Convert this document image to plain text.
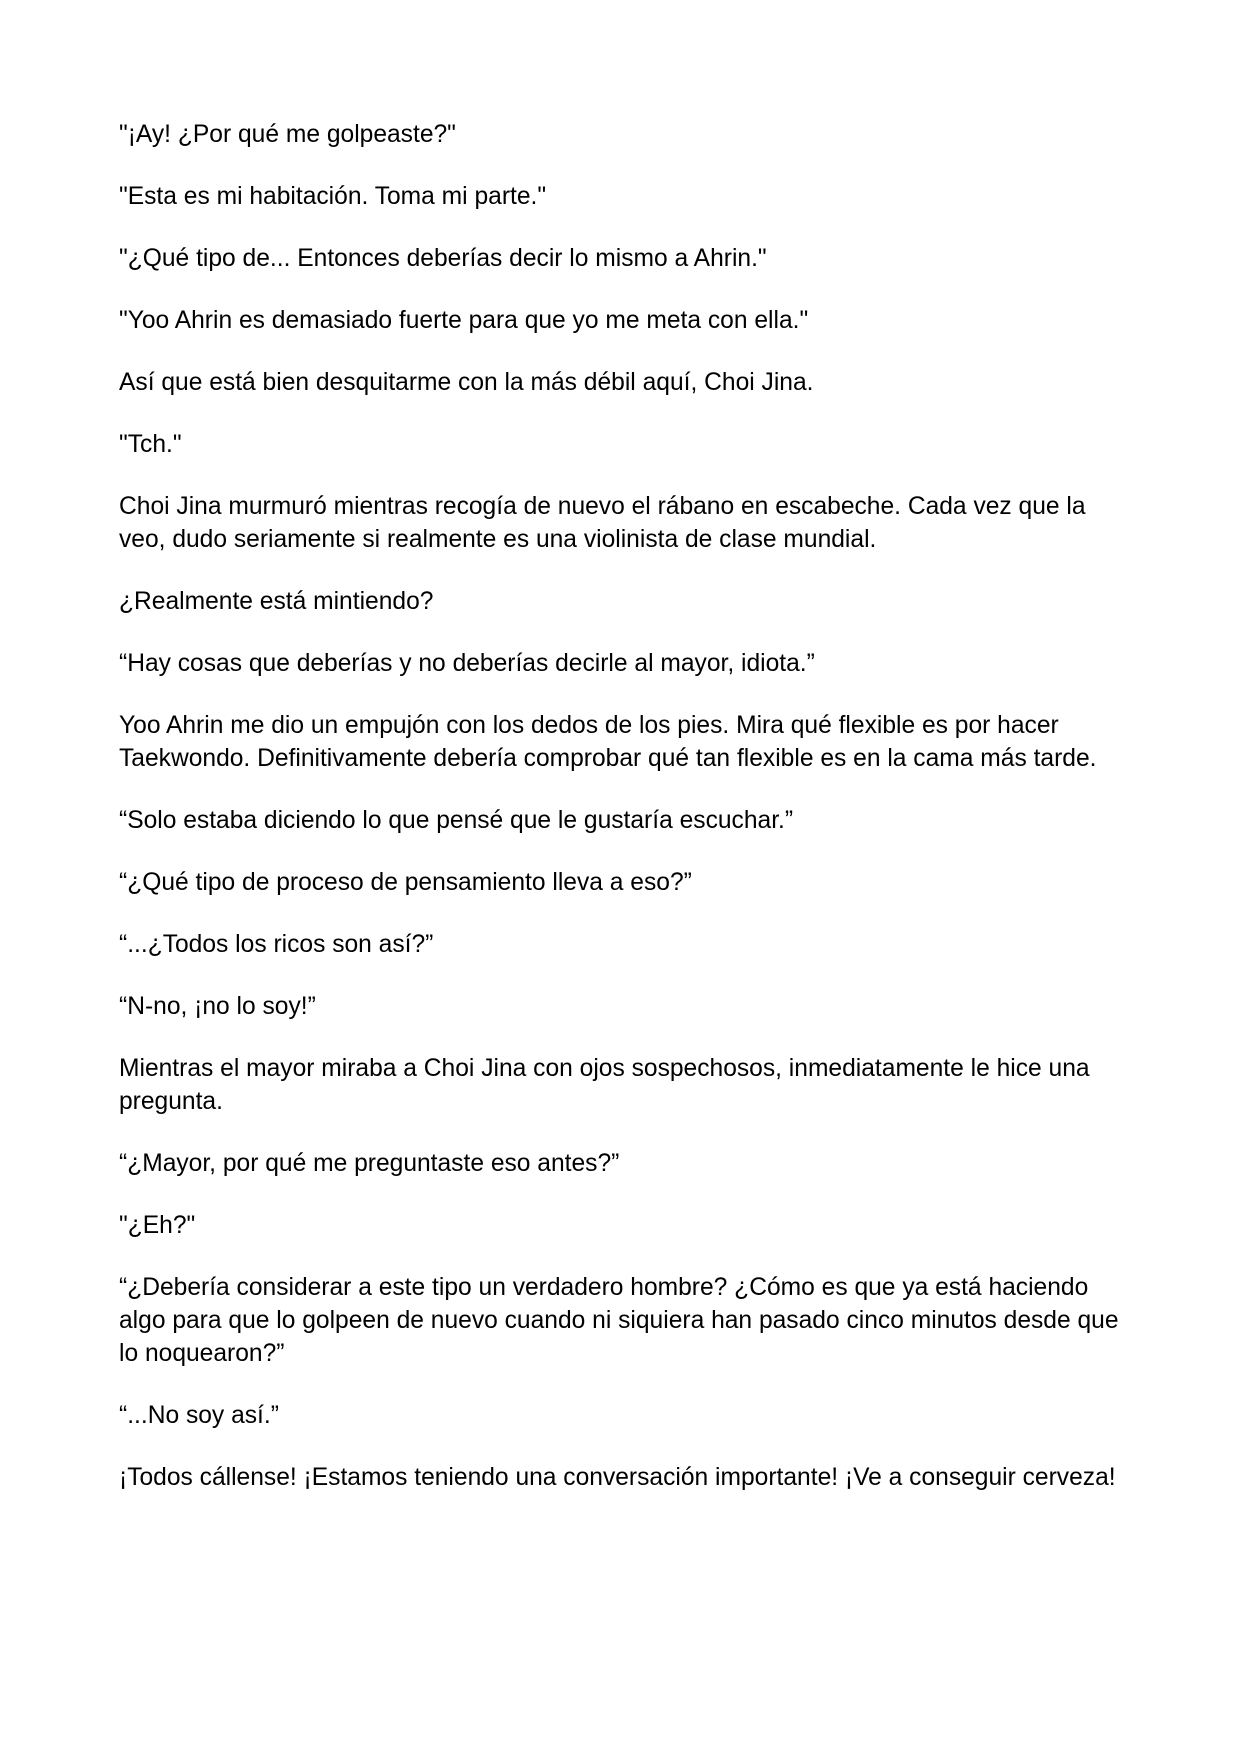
"¡Ay! ¿Por qué me golpeaste?"

"Esta es mi habitación. Toma mi parte."

"¿Qué tipo de... Entonces deberías decir lo mismo a Ahrin."

"Yoo Ahrin es demasiado fuerte para que yo me meta con ella."

Así que está bien desquitarme con la más débil aquí, Choi Jina.

"Tch."

Choi Jina murmuró mientras recogía de nuevo el rábano en escabeche. Cada vez que la veo, dudo seriamente si realmente es una violinista de clase mundial.

¿Realmente está mintiendo?

“Hay cosas que deberías y no deberías decirle al mayor, idiota.”

Yoo Ahrin me dio un empujón con los dedos de los pies. Mira qué flexible es por hacer Taekwondo. Definitivamente debería comprobar qué tan flexible es en la cama más tarde.

“Solo estaba diciendo lo que pensé que le gustaría escuchar.”

“¿Qué tipo de proceso de pensamiento lleva a eso?”

“...¿Todos los ricos son así?”

“N-no, ¡no lo soy!”

Mientras el mayor miraba a Choi Jina con ojos sospechosos, inmediatamente le hice una pregunta.

“¿Mayor, por qué me preguntaste eso antes?”

"¿Eh?"

“¿Debería considerar a este tipo un verdadero hombre? ¿Cómo es que ya está haciendo algo para que lo golpeen de nuevo cuando ni siquiera han pasado cinco minutos desde que lo noquearon?”

“...No soy así.”

¡Todos cállense! ¡Estamos teniendo una conversación importante! ¡Ve a conseguir cerveza!
